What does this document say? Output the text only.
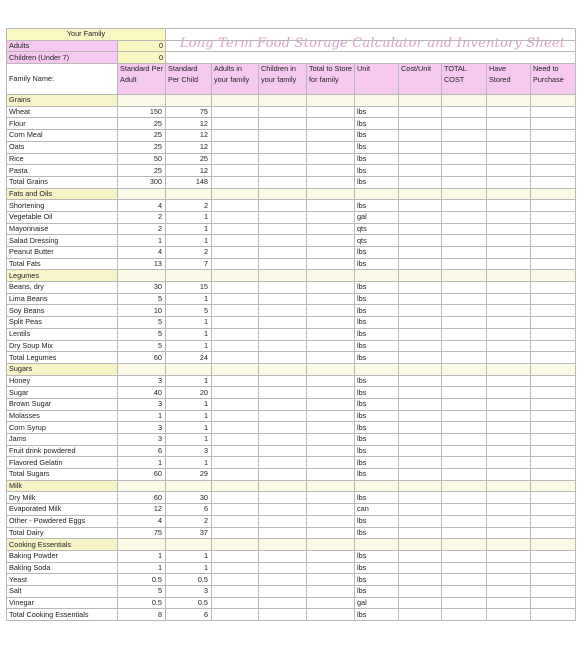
Your Family	
Adults	0
Children (Under 7)	0
Long Term Food Storage Calculator and Inventory Sheet
Family Name:	Standard Per Adult	Standard Per Child	Adults in your family	Children in your family	Total to Store for family	Unit	Cost/Unit	TOTAL COST	Have Stored	Need to Purchase
Grains										
Wheat	150	75				lbs				
Flour	25	12				lbs				
Corn Meal	25	12				lbs				
Oats	25	12				lbs				
Rice	50	25				lbs				
Pasta	25	12				lbs				
Total Grains	300	148				lbs				
Fats and Oils										
Shortening	4	2				lbs				
Vegetable Oil	2	1				gal				
Mayonnaise	2	1				qts				
Salad Dressing	1	1				qts				
Peanut Butter	4	2				lbs				
Total Fats	13	7				lbs				
Legumes										
Beans, dry	30	15				lbs				
Lima Beans	5	1				lbs				
Soy Beans	10	5				lbs				
Split Peas	5	1				lbs				
Lentils	5	1				lbs				
Dry Soup Mix	5	1				lbs				
Total Legumes	60	24				lbs				
Sugars										
Honey	3	1				lbs				
Sugar	40	20				lbs				
Brown Sugar	3	1				lbs				
Molasses	1	1				lbs				
Corn Syrup	3	1				lbs				
Jams	3	1				lbs				
Fruit drink powdered	6	3				lbs				
Flavored Gelatin	1	1				lbs				
Total Sugars	60	29				lbs				
Milk										
Dry Milk	60	30				lbs				
Evaporated Milk	12	6				can				
Other - Powdered Eggs	4	2				lbs				
Total Dairy	75	37				lbs				
Cooking Essentials										
Baking Powder	1	1				lbs				
Baking Soda	1	1				lbs				
Yeast	0.5	0.5				lbs				
Salt	5	3				lbs				
Vinegar	0.5	0.5				gal				
Total Cooking Essentials	8	6				lbs				
